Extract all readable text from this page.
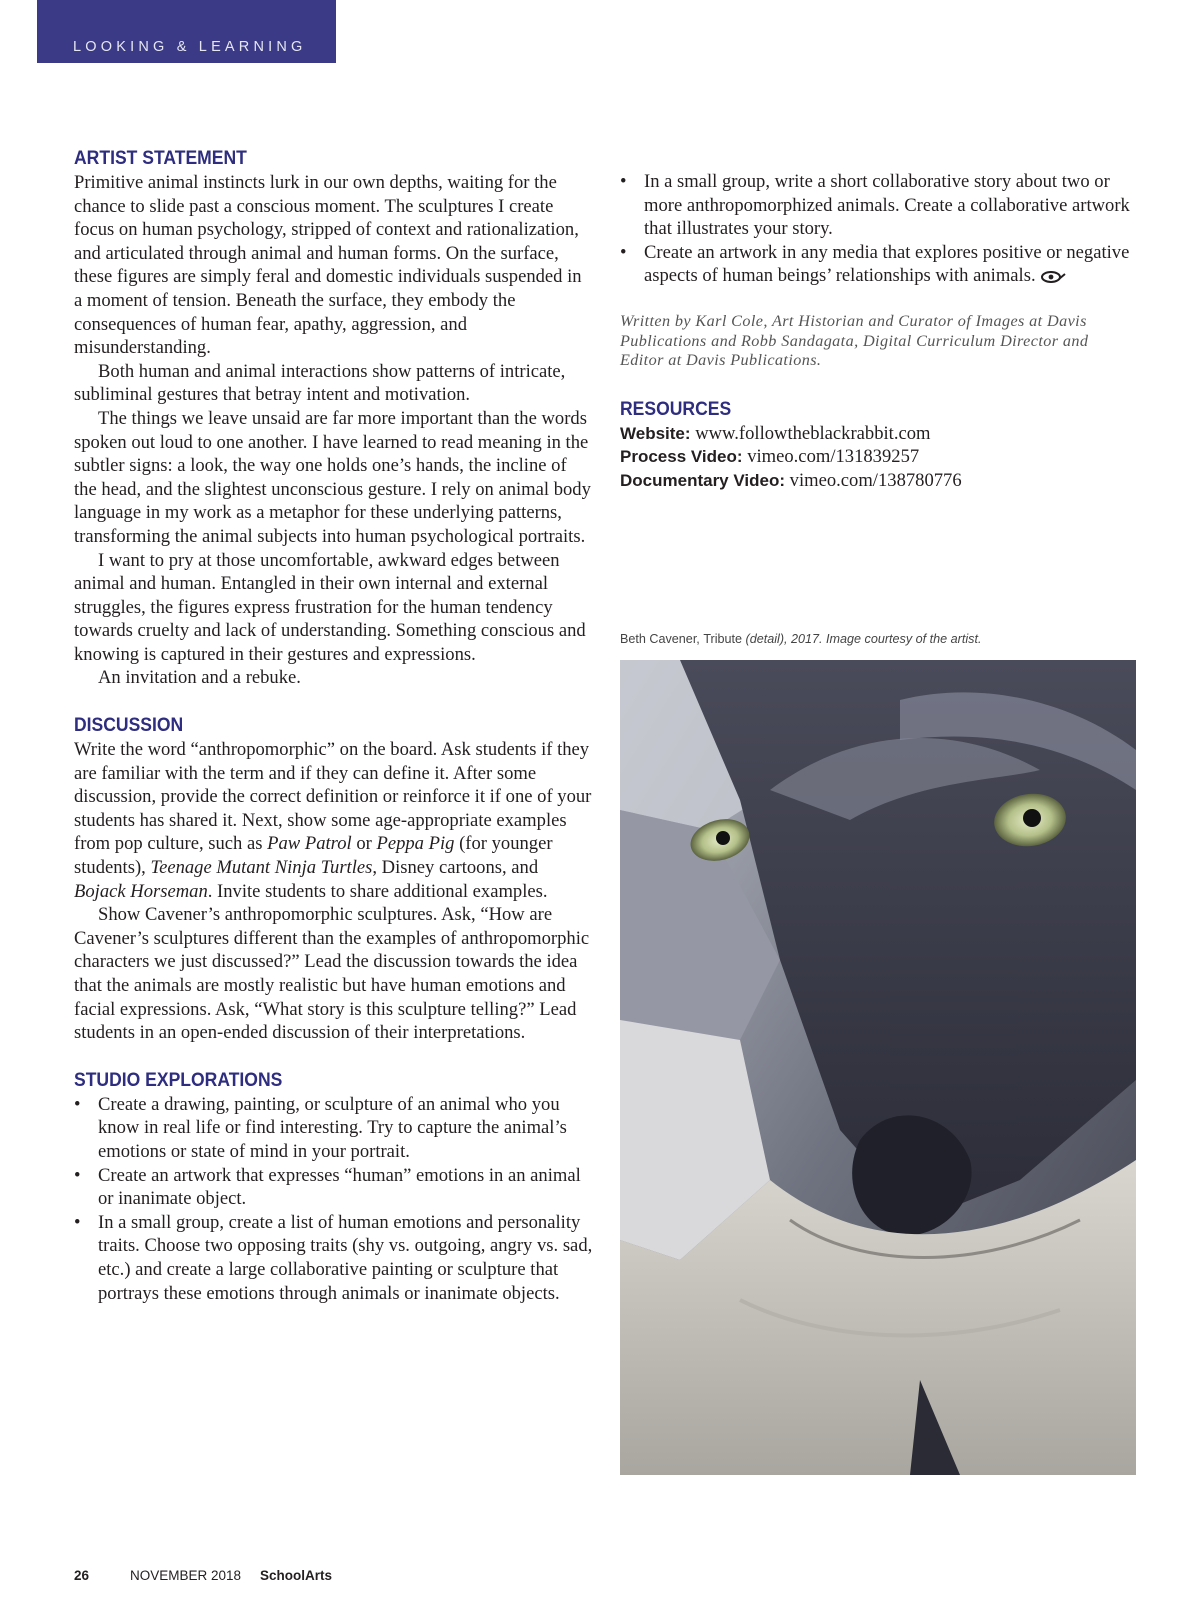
LOOKING & LEARNING
ARTIST STATEMENT

Primitive animal instincts lurk in our own depths, waiting for the chance to slide past a conscious moment. The sculptures I create focus on human psychology, stripped of context and rationalization, and articulated through animal and human forms. On the surface, these figures are simply feral and domestic individuals suspended in a moment of tension. Beneath the surface, they embody the consequences of human fear, apathy, aggression, and misunderstanding.

Both human and animal interactions show patterns of intricate, subliminal gestures that betray intent and motivation.

The things we leave unsaid are far more important than the words spoken out loud to one another. I have learned to read meaning in the subtler signs: a look, the way one holds one’s hands, the incline of the head, and the slightest unconscious gesture. I rely on animal body language in my work as a metaphor for these underlying patterns, transforming the animal subjects into human psychological portraits.

I want to pry at those uncomfortable, awkward edges between animal and human. Entangled in their own internal and external struggles, the figures express frustration for the human tendency towards cruelty and lack of understanding. Something conscious and knowing is captured in their gestures and expressions.

An invitation and a rebuke.

DISCUSSION

Write the word “anthropomorphic” on the board. Ask students if they are familiar with the term and if they can define it. After some discussion, provide the correct definition or reinforce it if one of your students has shared it. Next, show some age-appropriate examples from pop culture, such as Paw Patrol or Peppa Pig (for younger students), Teenage Mutant Ninja Turtles, Disney cartoons, and Bojack Horseman. Invite students to share additional examples.

Show Cavener’s anthropomorphic sculptures. Ask, “How are Cavener’s sculptures different than the examples of anthropomorphic characters we just discussed?” Lead the discussion towards the idea that the animals are mostly realistic but have human emotions and facial expressions. Ask, “What story is this sculpture telling?” Lead students in an open-ended discussion of their interpretations.

STUDIO EXPLORATIONS
• Create a drawing, painting, or sculpture of an animal who you know in real life or find interesting. Try to capture the animal’s emotions or state of mind in your portrait.
• Create an artwork that expresses “human” emotions in an animal or inanimate object.
• In a small group, create a list of human emotions and personality traits. Choose two opposing traits (shy vs. outgoing, angry vs. sad, etc.) and create a large collaborative painting or sculpture that portrays these emotions through animals or inanimate objects.
• In a small group, write a short collaborative story about two or more anthropomorphized animals. Create a collaborative artwork that illustrates your story.
• Create an artwork in any media that explores positive or negative aspects of human beings’ relationships with animals.
Written by Karl Cole, Art Historian and Curator of Images at Davis Publications and Robb Sandagata, Digital Curriculum Director and Editor at Davis Publications.
RESOURCES
Website: www.followtheblackrabbit.com
Process Video: vimeo.com/131839257
Documentary Video: vimeo.com/138780776
Beth Cavener, Tribute (detail), 2017. Image courtesy of the artist.
26	NOVEMBER 2018 SchoolArts
